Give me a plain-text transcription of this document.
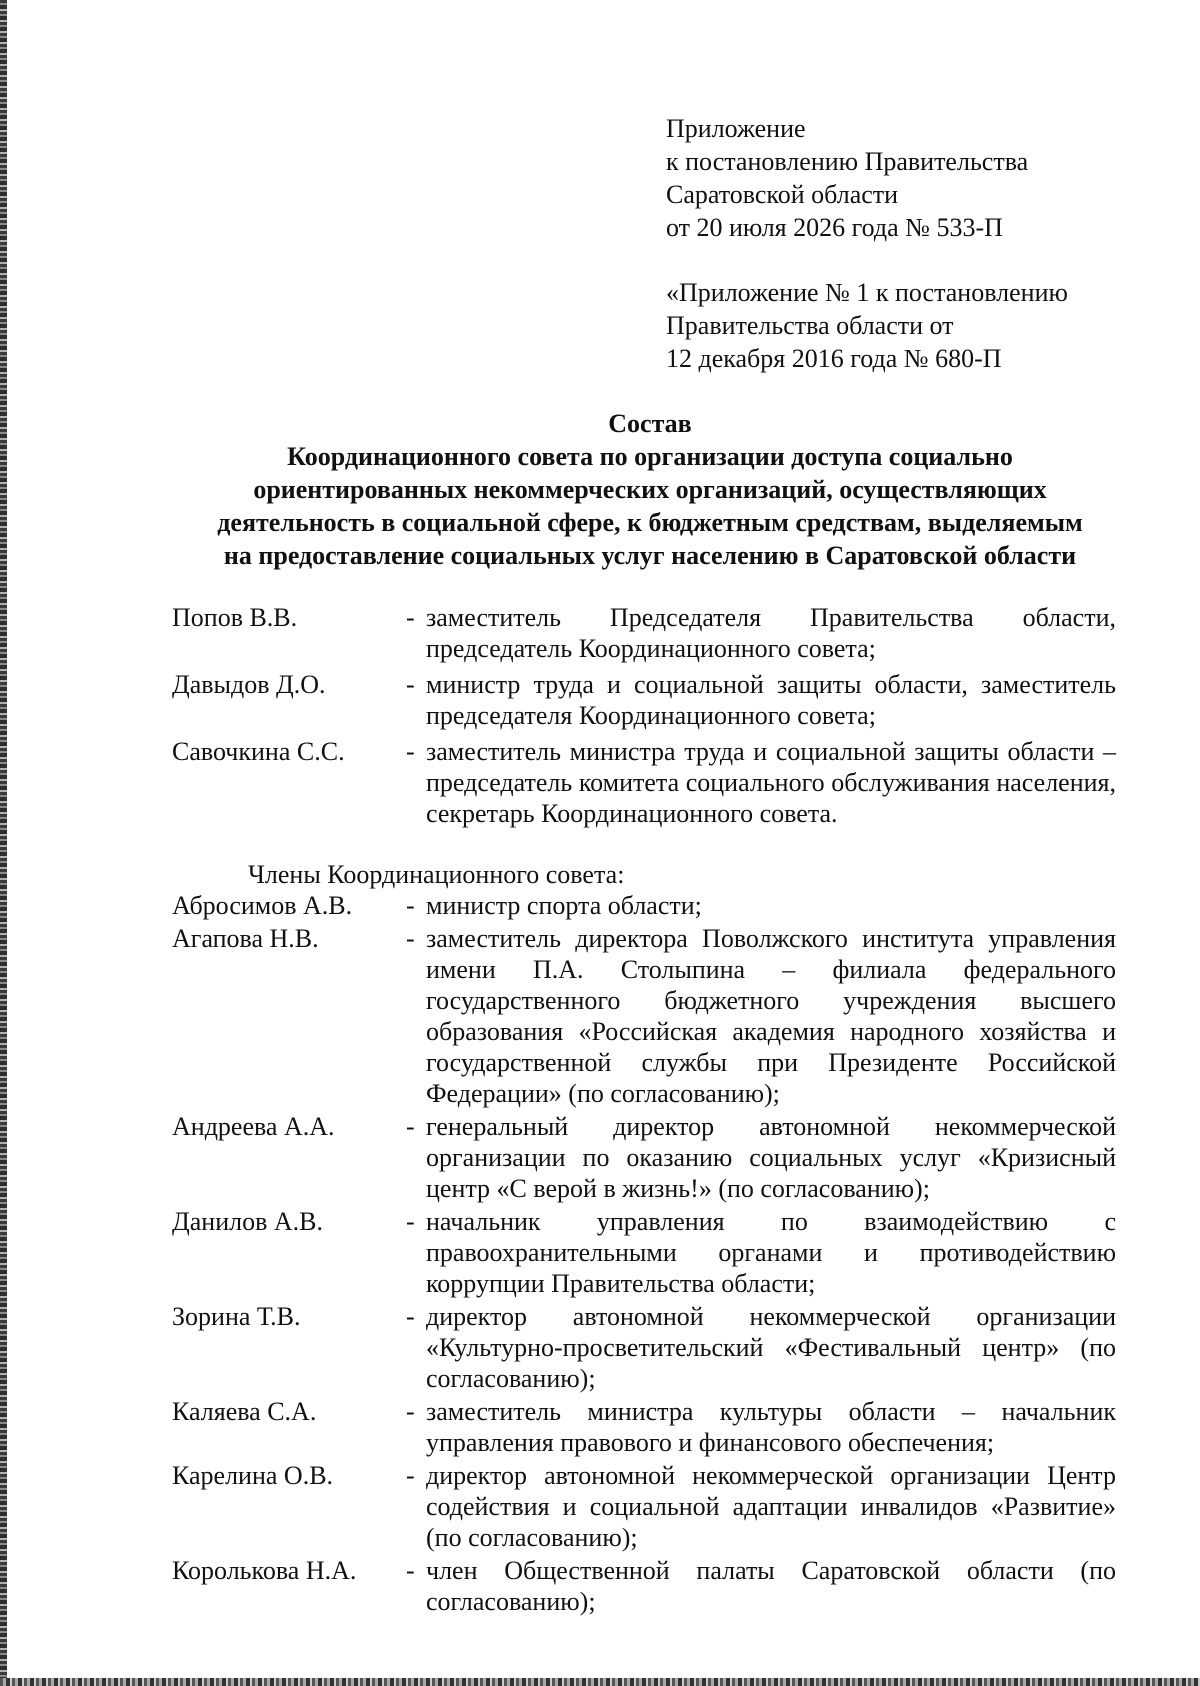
Приложение
к постановлению Правительства
Саратовской области
от 20 июля 2026 года № 533-П
«Приложение № 1 к постановлению
Правительства области от
12 декабря 2016 года № 680-П
Состав
Координационного совета по организации доступа социально
ориентированных некоммерческих организаций, осуществляющих
деятельность в социальной сфере, к бюджетным средствам, выделяемым
на предоставление социальных услуг населению в Саратовской области
Попов В.В.	- заместитель Председателя Правительства области, председатель Координационного совета;
Давыдов Д.О.	- министр труда и социальной защиты области, заместитель председателя Координационного совета;
Савочкина С.С.	- заместитель министра труда и социальной защиты области – председатель комитета социального обслуживания населения, секретарь Координационного совета.
Члены Координационного совета:
Абросимов А.В.	- министр спорта области;
Агапова Н.В.	- заместитель директора Поволжского института управления имени П.А. Столыпина – филиала федерального государственного бюджетного учреждения высшего образования «Российская академия народного хозяйства и государственной службы при Президенте Российской Федерации» (по согласованию);
Андреева А.А.	- генеральный директор автономной некоммерческой организации по оказанию социальных услуг «Кризисный центр «С верой в жизнь!» (по согласованию);
Данилов А.В.	- начальник управления по взаимодействию с правоохранительными органами и противодействию коррупции Правительства области;
Зорина Т.В.	- директор автономной некоммерческой организации «Культурно-просветительский «Фестивальный центр» (по согласованию);
Каляева С.А.	- заместитель министра культуры области – начальник управления правового и финансового обеспечения;
Карелина О.В.	- директор автономной некоммерческой организации Центр содействия и социальной адаптации инвалидов «Развитие» (по согласованию);
Королькова Н.А.	- член Общественной палаты Саратовской области (по согласованию);
